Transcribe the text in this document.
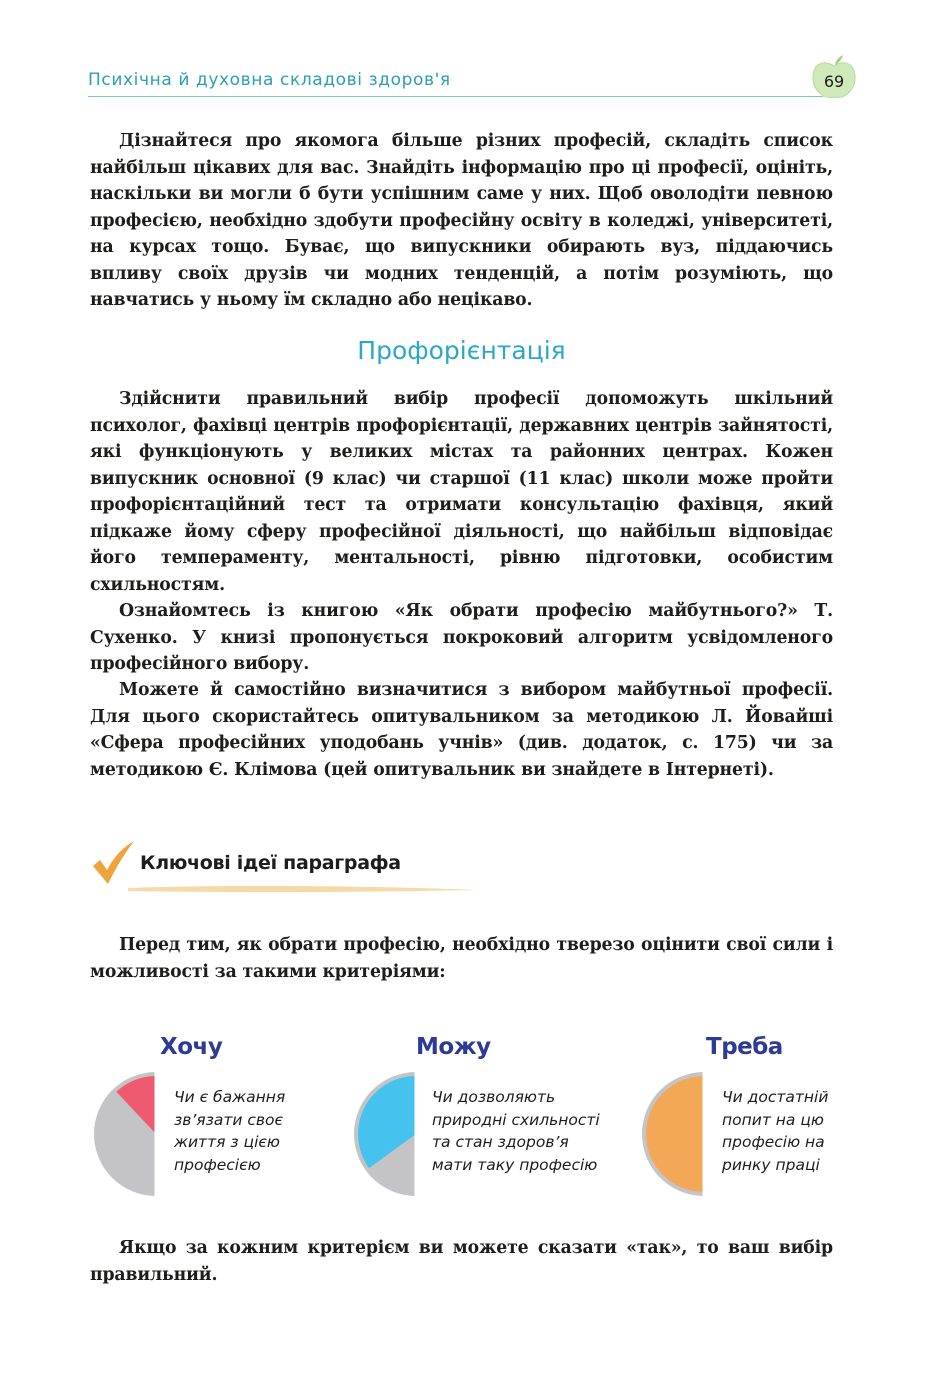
Психічна й духовна складові здоров'я	69

Дізнайтеся про якомога більше різних професій, складіть список найбільш цікавих для вас. Знайдіть інформацію про ці професії, оцініть, наскільки ви могли б бути успішним саме у них. Щоб оволодіти певною професією, необхідно здобути професійну освіту в коледжі, університеті, на курсах тощо. Буває, що випускники обирають вуз, піддаючись впливу своїх друзів чи модних тенденцій, а потім розуміють, що навчатись у ньому їм складно або нецікаво.

Профорієнтація

Здійснити правильний вибір професії допоможуть шкільний психолог, фахівці центрів профорієнтації, державних центрів зайнятості, які функціонують у великих містах та районних центрах. Кожен випускник основної (9 клас) чи старшої (11 клас) школи може пройти профорієнтаційний тест та отримати консультацію фахівця, який підкаже йому сферу професійної діяльності, що найбільш відповідає його темпераменту, ментальності, рівню підготовки, особистим схильностям.

Ознайомтесь із книгою «Як обрати професію майбутнього?» Т. Сухенко. У книзі пропонується покроковий алгоритм усвідомленого професійного вибору.

Можете й самостійно визначитися з вибором майбутньої професії. Для цього скористайтесь опитувальником за методикою Л. Йовайші «Сфера професійних уподобань учнів» (див. додаток, с. 175) чи за методикою Є. Клімова (цей опитувальник ви знайдете в Інтернеті).

Ключові ідеї параграфа

Перед тим, як обрати професію, необхідно тверезо оцінити свої сили і можливості за такими критеріями:

Хочу
Чи є бажання
зв’язати своє
життя з цією
професією
Можу
Чи дозволяють
природні схильності
та стан здоров’я
мати таку професію
Треба
Чи достатній
попит на цю
професію на
ринку праці

Якщо за кожним критерієм ви можете сказати «так», то ваш вибір правильний.
